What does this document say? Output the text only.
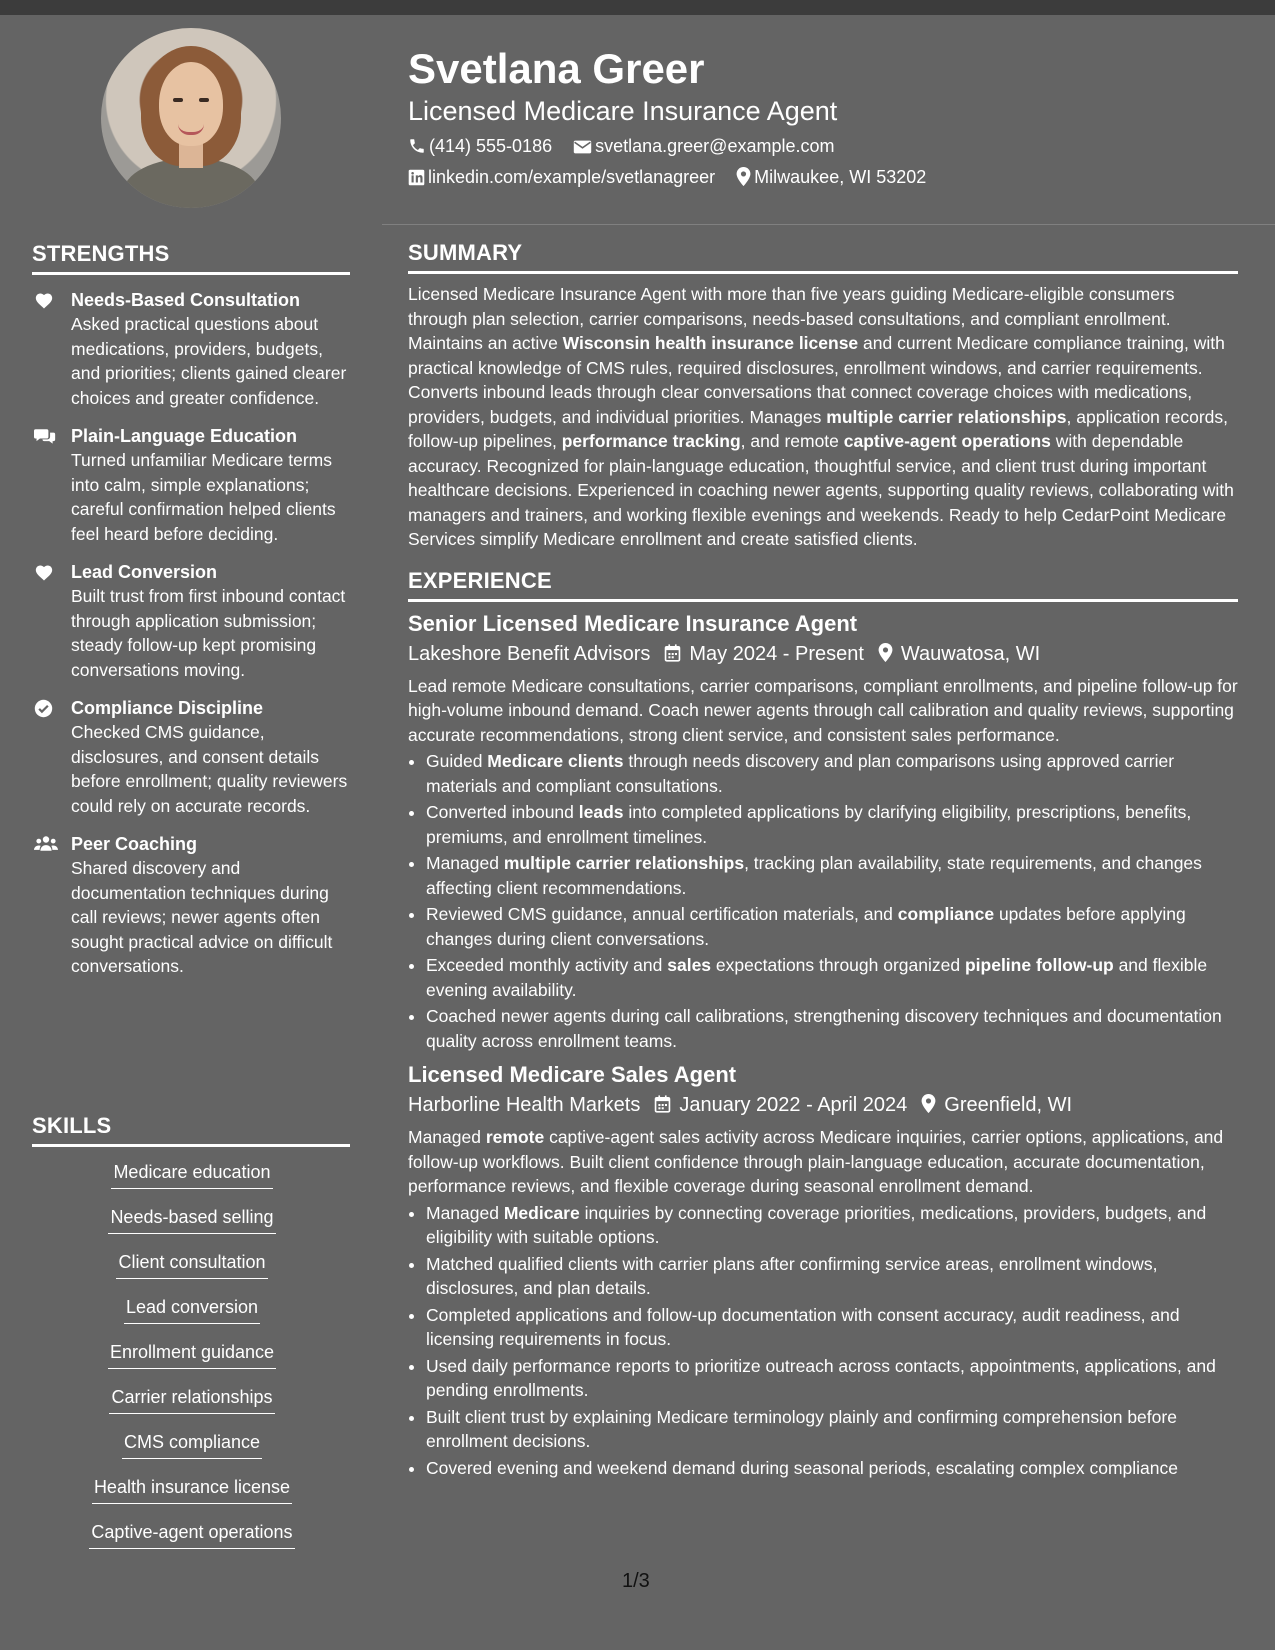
Svetlana Greer
Licensed Medicare Insurance Agent
(414) 555-0186 svetlana.greer@example.com
linkedin.com/example/svetlanagreer Milwaukee, WI 53202
STRENGTHS
Needs-Based Consultation
Asked practical questions about medications, providers, budgets, and priorities; clients gained clearer choices and greater confidence.
Plain-Language Education
Turned unfamiliar Medicare terms into calm, simple explanations; careful confirmation helped clients feel heard before deciding.
Lead Conversion
Built trust from first inbound contact through application submission; steady follow-up kept promising conversations moving.
Compliance Discipline
Checked CMS guidance, disclosures, and consent details before enrollment; quality reviewers could rely on accurate records.
Peer Coaching
Shared discovery and documentation techniques during call reviews; newer agents often sought practical advice on difficult conversations.
SKILLS
Medicare education
Needs-based selling
Client consultation
Lead conversion
Enrollment guidance
Carrier relationships
CMS compliance
Health insurance license
Captive-agent operations
SUMMARY
Licensed Medicare Insurance Agent with more than five years guiding Medicare-eligible consumers through plan selection, carrier comparisons, needs-based consultations, and compliant enrollment. Maintains an active Wisconsin health insurance license and current Medicare compliance training, with practical knowledge of CMS rules, required disclosures, enrollment windows, and carrier requirements. Converts inbound leads through clear conversations that connect coverage choices with medications, providers, budgets, and individual priorities. Manages multiple carrier relationships, application records, follow-up pipelines, performance tracking, and remote captive-agent operations with dependable accuracy. Recognized for plain-language education, thoughtful service, and client trust during important healthcare decisions. Experienced in coaching newer agents, supporting quality reviews, collaborating with managers and trainers, and working flexible evenings and weekends. Ready to help CedarPoint Medicare Services simplify Medicare enrollment and create satisfied clients.
EXPERIENCE
Senior Licensed Medicare Insurance Agent
Lakeshore Benefit Advisors May 2024 - Present Wauwatosa, WI
Lead remote Medicare consultations, carrier comparisons, compliant enrollments, and pipeline follow-up for high-volume inbound demand. Coach newer agents through call calibration and quality reviews, supporting accurate recommendations, strong client service, and consistent sales performance.
• Guided Medicare clients through needs discovery and plan comparisons using approved carrier materials and compliant consultations.
• Converted inbound leads into completed applications by clarifying eligibility, prescriptions, benefits, premiums, and enrollment timelines.
• Managed multiple carrier relationships, tracking plan availability, state requirements, and changes affecting client recommendations.
• Reviewed CMS guidance, annual certification materials, and compliance updates before applying changes during client conversations.
• Exceeded monthly activity and sales expectations through organized pipeline follow-up and flexible evening availability.
• Coached newer agents during call calibrations, strengthening discovery techniques and documentation quality across enrollment teams.
Licensed Medicare Sales Agent
Harborline Health Markets January 2022 - April 2024 Greenfield, WI
Managed remote captive-agent sales activity across Medicare inquiries, carrier options, applications, and follow-up workflows. Built client confidence through plain-language education, accurate documentation, performance reviews, and flexible coverage during seasonal enrollment demand.
• Managed Medicare inquiries by connecting coverage priorities, medications, providers, budgets, and eligibility with suitable options.
• Matched qualified clients with carrier plans after confirming service areas, enrollment windows, disclosures, and plan details.
• Completed applications and follow-up documentation with consent accuracy, audit readiness, and licensing requirements in focus.
• Used daily performance reports to prioritize outreach across contacts, appointments, applications, and pending enrollments.
• Built client trust by explaining Medicare terminology plainly and confirming comprehension before enrollment decisions.
• Covered evening and weekend demand during seasonal periods, escalating complex compliance
1/3
